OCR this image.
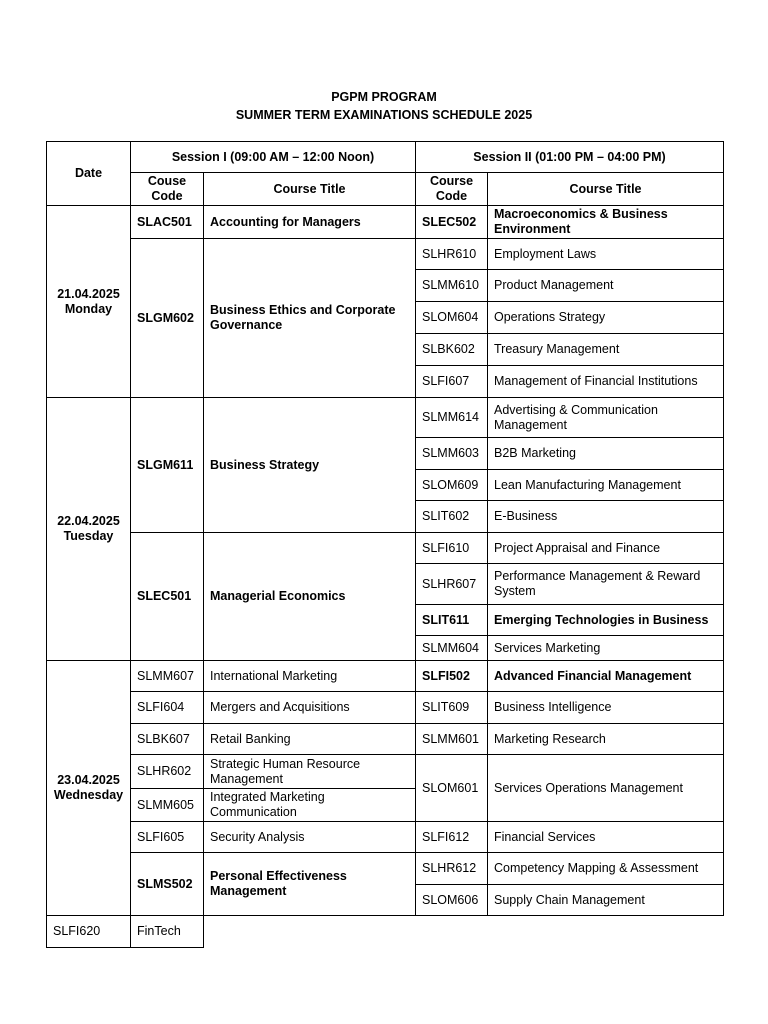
PGPM PROGRAM
SUMMER TERM EXAMINATIONS SCHEDULE 2025
Date	Session I (09:00 AM – 12:00 Noon)		Session II (01:00 PM – 04:00 PM)	
	Couse Code	Course Title	Course Code	Course Title

21.04.2025
Monday	SLAC501	Accounting for Managers	SLEC502	Macroeconomics & Business Environment
	SLGM602	Business Ethics and Corporate Governance	SLHR610	Employment Laws
			SLMM610	Product Management
			SLOM604	Operations Strategy
			SLBK602	Treasury Management
			SLFI607	Management of Financial Institutions

22.04.2025
Tuesday	SLGM611	Business Strategy	SLMM614	Advertising & Communication Management
			SLMM603	B2B Marketing
			SLOM609	Lean Manufacturing Management
			SLIT602	E-Business
	SLEC501	Managerial Economics	SLFI610	Project Appraisal and Finance
			SLHR607	Performance Management & Reward System
			SLIT611	Emerging Technologies in Business
			SLMM604	Services Marketing

23.04.2025
Wednesday	SLMM607	International Marketing	SLFI502	Advanced Financial Management
	SLFI604	Mergers and Acquisitions	SLIT609	Business Intelligence
	SLBK607	Retail Banking	SLMM601	Marketing Research
	SLHR602	Strategic Human Resource Management	SLOM601	Services Operations Management
	SLMM605	Integrated Marketing Communication		
	SLFI605	Security Analysis	SLFI612	Financial Services
	SLMS502	Personal Effectiveness Management	SLHR612	Competency Mapping & Assessment
			SLOM606	Supply Chain Management
SLFI620	FinTech			
